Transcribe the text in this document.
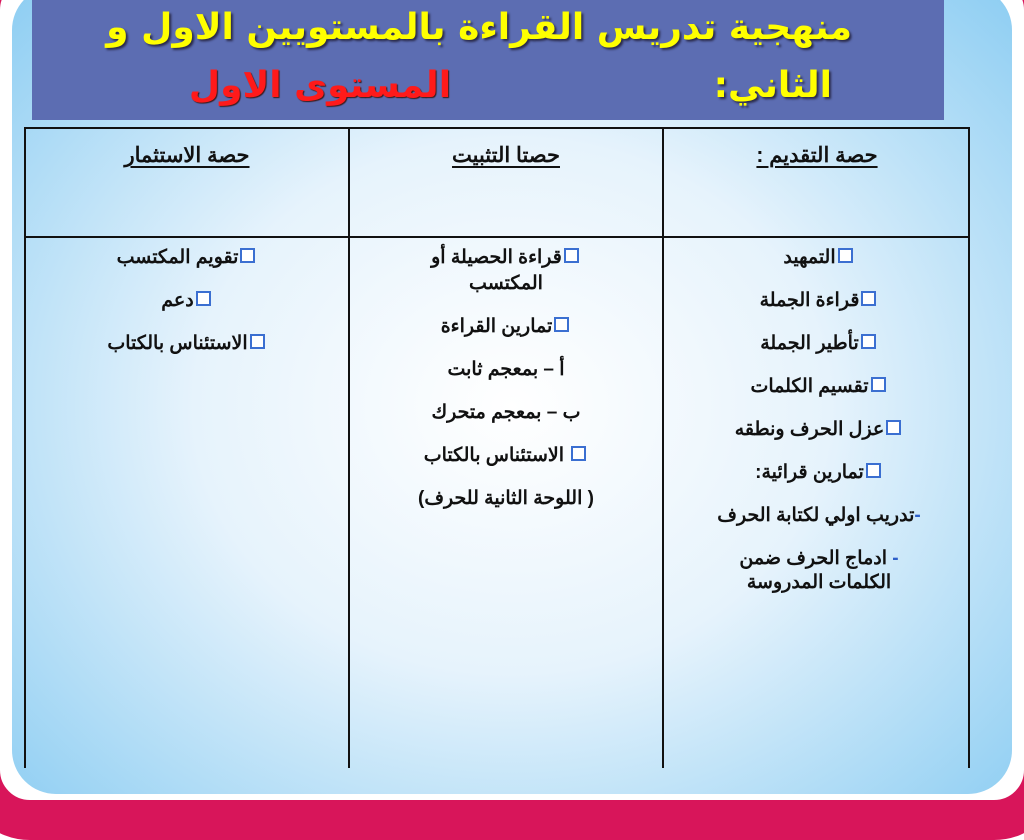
منهجية تدريس القراءة بالمستويين الاول و
الثاني: المستوى الاول
حصة التقديم :
حصتا التثبيت
حصة الاستثمار
التمهيد
قراءة الجملة
تأطير الجملة
تقسيم الكلمات
عزل الحرف ونطقه
تمارين قرائية:
-تدريب اولي لكتابة الحرف
- ادماج الحرف ضمن
الكلمات المدروسة
قراءة الحصيلة أو
المكتسب
تمارين القراءة
أ – بمعجم ثابت
ب – بمعجم متحرك
الاستئناس بالكتاب
( اللوحة الثانية للحرف)
تقويم المكتسب
دعم
الاستئناس بالكتاب
